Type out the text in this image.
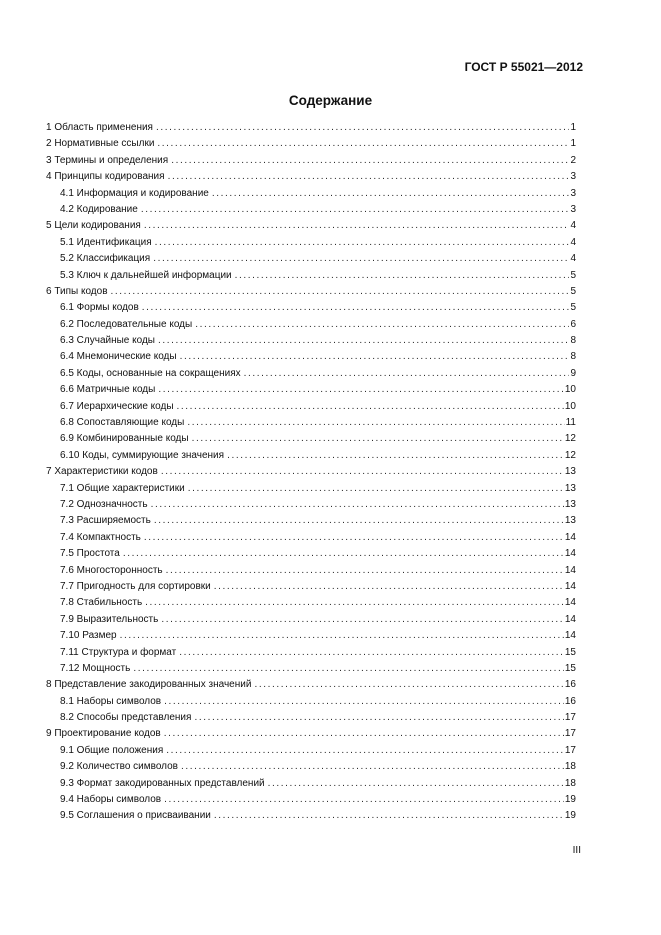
ГОСТ Р 55021—2012
Содержание
1 Область применения .....	1
2 Нормативные ссылки .....	1
3 Термины и определения .....	2
4 Принципы кодирования .....	3
4.1 Информация и кодирование .....	3
4.2 Кодирование .....	3
5 Цели кодирования .....	4
5.1 Идентификация .....	4
5.2 Классификация .....	4
5.3 Ключ к дальнейшей информации .....	5
6 Типы кодов .....	5
6.1 Формы кодов .....	5
6.2 Последовательные коды .....	6
6.3 Случайные коды .....	8
6.4 Мнемонические коды .....	8
6.5 Коды, основанные на сокращениях .....	9
6.6 Матричные коды .....	10
6.7 Иерархические коды .....	10
6.8 Сопоставляющие коды .....	11
6.9 Комбинированные коды .....	12
6.10 Коды, суммирующие значения .....	12
7 Характеристики кодов .....	13
7.1 Общие характеристики .....	13
7.2 Однозначность .....	13
7.3 Расширяемость .....	13
7.4 Компактность .....	14
7.5 Простота .....	14
7.6 Многосторонность .....	14
7.7 Пригодность для сортировки .....	14
7.8 Стабильность .....	14
7.9 Выразительность .....	14
7.10 Размер .....	14
7.11 Структура и формат .....	15
7.12 Мощность .....	15
8 Представление закодированных значений .....	16
8.1 Наборы символов .....	16
8.2 Способы представления .....	17
9 Проектирование кодов .....	17
9.1 Общие положения .....	17
9.2 Количество символов .....	18
9.3 Формат закодированных представлений .....	18
9.4 Наборы символов .....	19
9.5 Соглашения о присваивании .....	19
III
